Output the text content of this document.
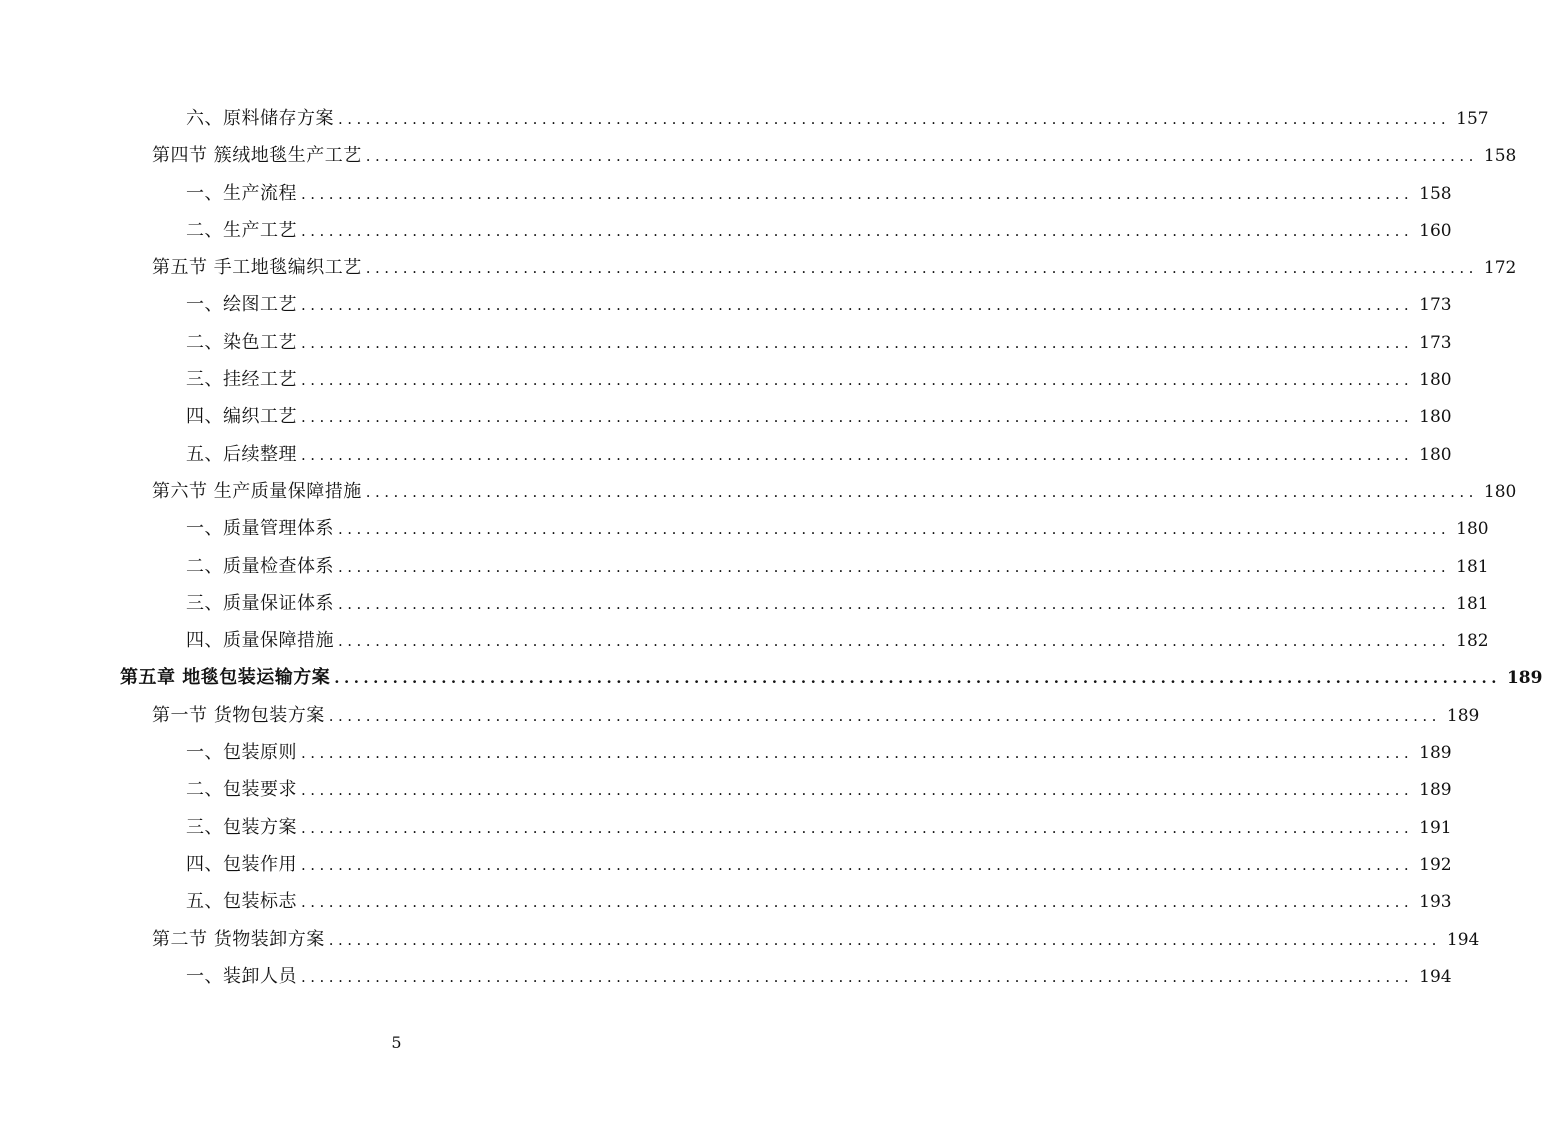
六、原料储存方案 ........................................................................................................................ 157
第四节 簇绒地毯生产工艺 ........................................................................................................................ 158
一、生产流程 ........................................................................................................................ 158
二、生产工艺 ........................................................................................................................ 160
第五节 手工地毯编织工艺 ........................................................................................................................ 172
一、绘图工艺 ........................................................................................................................ 173
二、染色工艺 ........................................................................................................................ 173
三、挂经工艺 ........................................................................................................................ 180
四、编织工艺 ........................................................................................................................ 180
五、后续整理 ........................................................................................................................ 180
第六节 生产质量保障措施 ........................................................................................................................ 180
一、质量管理体系 ........................................................................................................................ 180
二、质量检查体系 ........................................................................................................................ 181
三、质量保证体系 ........................................................................................................................ 181
四、质量保障措施 ........................................................................................................................ 182
第五章 地毯包装运输方案 ........................................................................................................................ 189
第一节 货物包装方案 ........................................................................................................................ 189
一、包装原则 ........................................................................................................................ 189
二、包装要求 ........................................................................................................................ 189
三、包装方案 ........................................................................................................................ 191
四、包装作用 ........................................................................................................................ 192
五、包装标志 ........................................................................................................................ 193
第二节 货物装卸方案 ........................................................................................................................ 194
一、装卸人员 ........................................................................................................................ 194
5
